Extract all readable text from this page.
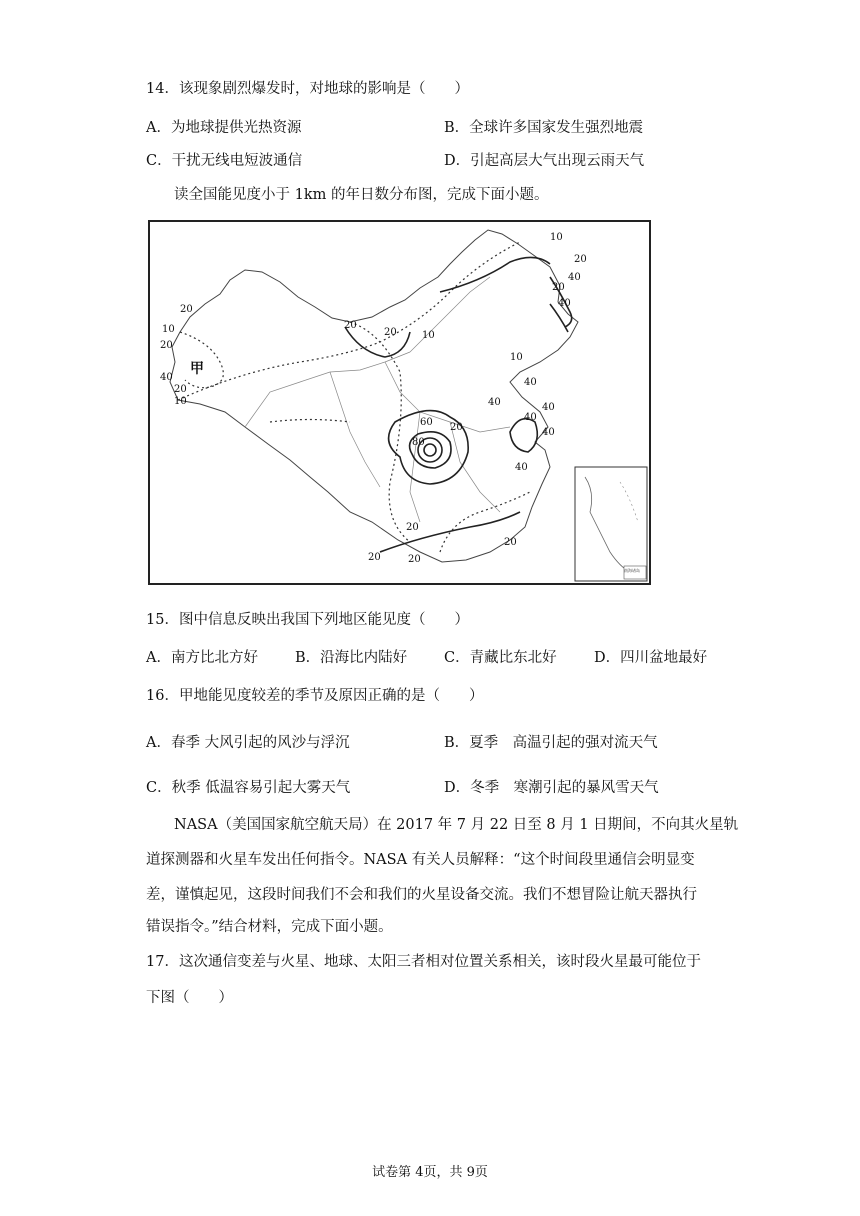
14．该现象剧烈爆发时，对地球的影响是（　　）
A．为地球提供光热资源	B．全球许多国家发生强烈地震
C．干扰无线电短波通信	D．引起高层大气出现云雨天气
读全国能见度小于 1km 的年日数分布图，完成下面小题。
10
20
40
60
80
20
10
20
40
40
40
40
20
10
20
40
20
20
10
20
20
10
40
40
40
20
20
20
甲
南海诸岛
15．图中信息反映出我国下列地区能见度（　　）
A．南方比北方好	B．沿海比内陆好	C．青藏比东北好	D．四川盆地最好
16．甲地能见度较差的季节及原因正确的是（　　）
A．春季 大风引起的风沙与浮沉	B．夏季　高温引起的强对流天气
C．秋季 低温容易引起大雾天气	D．冬季　寒潮引起的暴风雪天气
NASA（美国国家航空航天局）在 2017 年 7 月 22 日至 8 月 1 日期间，不向其火星轨
道探测器和火星车发出任何指令。NASA 有关人员解释：“这个时间段里通信会明显变
差，谨慎起见，这段时间我们不会和我们的火星设备交流。我们不想冒险让航天器执行
错误指令。”结合材料，完成下面小题。
17．这次通信变差与火星、地球、太阳三者相对位置关系相关，该时段火星最可能位于
下图（　　）
试卷第 4页，共 9页
